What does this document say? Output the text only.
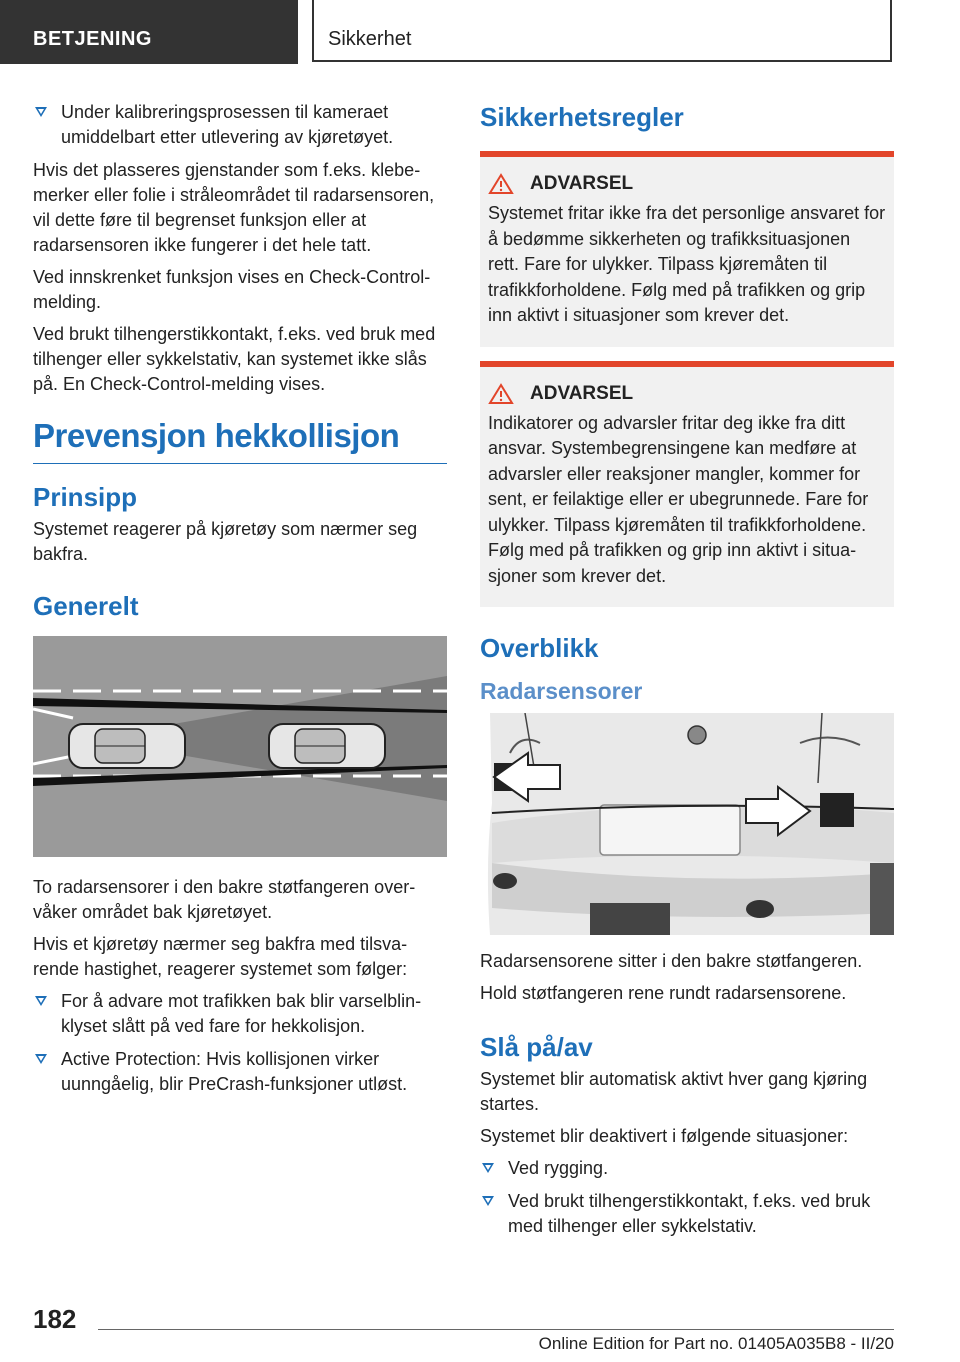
BETJENING	Sikkerhet
Under kalibreringsprosessen til kameraet umiddelbart etter utlevering av kjøretøyet.

Hvis det plasseres gjenstander som f.eks. klebemerker eller folie i stråleområdet til radarsensoren, vil dette føre til begrenset funksjon eller at radarsensoren ikke fungerer i det hele tatt.

Ved innskrenket funksjon vises en Check-Control-melding.

Ved brukt tilhengerstikkontakt, f.eks. ved bruk med tilhenger eller sykkelstativ, kan systemet ikke slås på. En Check-Control-melding vises.

Prevensjon hekkollisjon
Prinsipp

Systemet reagerer på kjøretøy som nærmer seg bakfra.

Generelt

To radarsensorer i den bakre støtfangeren overvåker området bak kjøretøyet.

Hvis et kjøretøy nærmer seg bakfra med tilsvarende hastighet, reagerer systemet som følger:

For å advare mot trafikken bak blir varselblinklyset slått på ved fare for hekkolisjon.
Active Protection: Hvis kollisjonen virker uunngåelig, blir PreCrash-funksjoner utløst.
Sikkerhetsregler
ADVARSEL

Systemet fritar ikke fra det personlige ansvaret for å bedømme sikkerheten og trafikksituasjonen rett. Fare for ulykker. Tilpass kjøremåten til trafikkforholdene. Følg med på trafikken og grip inn aktivt i situasjoner som krever det.

ADVARSEL

Indikatorer og advarsler fritar deg ikke fra ditt ansvar. Systembegrensingene kan medføre at advarsler eller reaksjoner mangler, kommer for sent, er feilaktige eller er ubegrunnede. Fare for ulykker. Tilpass kjøremåten til trafikkforholdene. Følg med på trafikken og grip inn aktivt i situasjoner som krever det.

Overblikk
Radarsensorer

Radarsensorene sitter i den bakre støtfangeren.

Hold støtfangeren rene rundt radarsensorene.

Slå på/av

Systemet blir automatisk aktivt hver gang kjøring startes.

Systemet blir deaktivert i følgende situasjoner:

Ved rygging.
Ved brukt tilhengerstikkontakt, f.eks. ved bruk med tilhenger eller sykkelstativ.
182
Online Edition for Part no. 01405A035B8 - II/20
